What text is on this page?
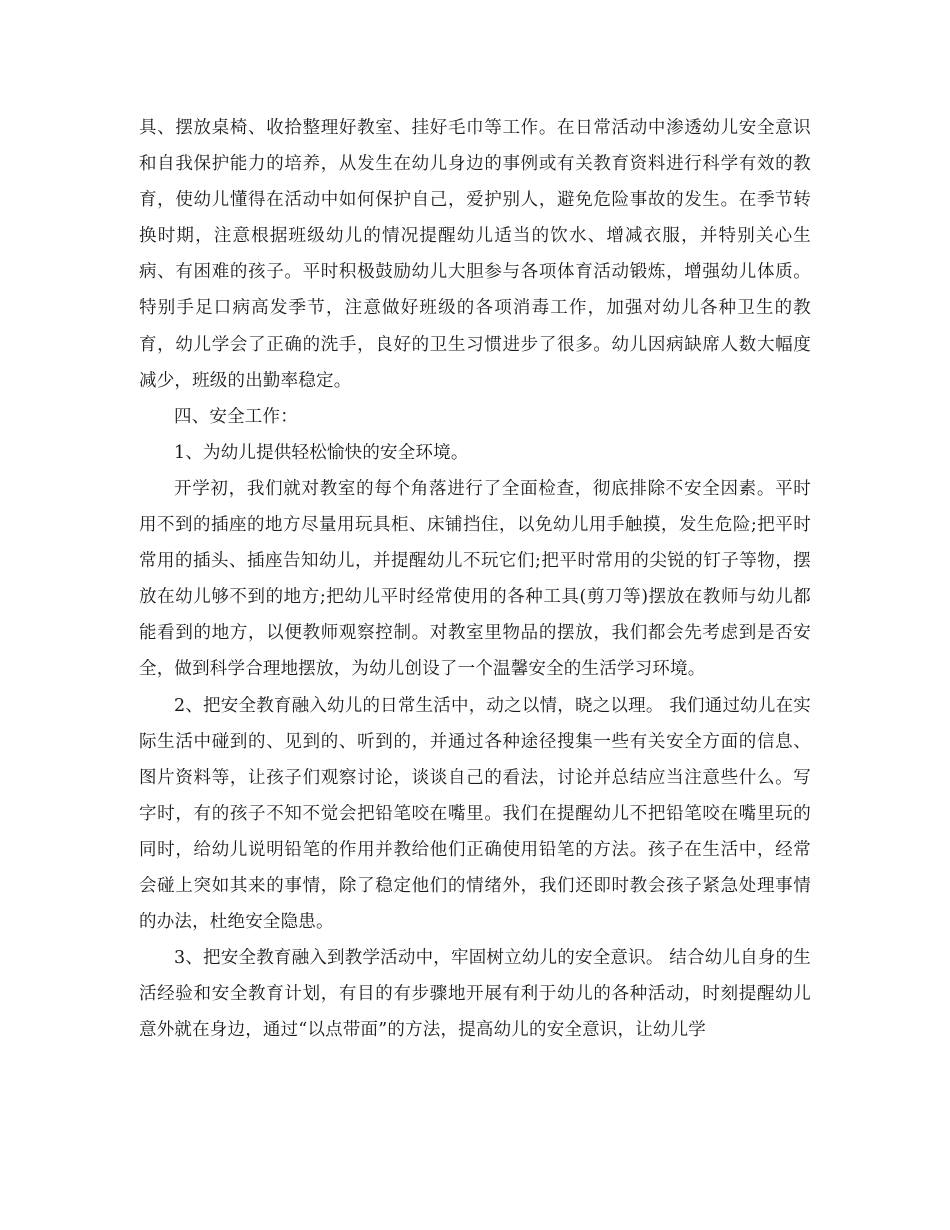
具、摆放桌椅、收拾整理好教室、挂好毛巾等工作。在日常活动中渗透幼儿安全意识和自我保护能力的培养，从发生在幼儿身边的事例或有关教育资料进行科学有效的教育，使幼儿懂得在活动中如何保护自己，爱护别人，避免危险事故的发生。在季节转换时期，注意根据班级幼儿的情况提醒幼儿适当的饮水、增减衣服，并特别关心生病、有困难的孩子。平时积极鼓励幼儿大胆参与各项体育活动锻炼，增强幼儿体质。特别手足口病高发季节，注意做好班级的各项消毒工作，加强对幼儿各种卫生的教育，幼儿学会了正确的洗手，良好的卫生习惯进步了很多。幼儿因病缺席人数大幅度减少，班级的出勤率稳定。

四、安全工作：

1、为幼儿提供轻松愉快的安全环境。

开学初，我们就对教室的每个角落进行了全面检查，彻底排除不安全因素。平时用不到的插座的地方尽量用玩具柜、床铺挡住，以免幼儿用手触摸，发生危险;把平时常用的插头、插座告知幼儿，并提醒幼儿不玩它们;把平时常用的尖锐的钉子等物，摆放在幼儿够不到的地方;把幼儿平时经常使用的各种工具(剪刀等)摆放在教师与幼儿都能看到的地方，以便教师观察控制。对教室里物品的摆放，我们都会先考虑到是否安全，做到科学合理地摆放，为幼儿创设了一个温馨安全的生活学习环境。

2、把安全教育融入幼儿的日常生活中，动之以情，晓之以理。 我们通过幼儿在实际生活中碰到的、见到的、听到的，并通过各种途径搜集一些有关安全方面的信息、图片资料等，让孩子们观察讨论，谈谈自己的看法，讨论并总结应当注意些什么。写字时，有的孩子不知不觉会把铅笔咬在嘴里。我们在提醒幼儿不把铅笔咬在嘴里玩的同时，给幼儿说明铅笔的作用并教给他们正确使用铅笔的方法。孩子在生活中，经常会碰上突如其来的事情，除了稳定他们的情绪外，我们还即时教会孩子紧急处理事情的办法，杜绝安全隐患。

3、把安全教育融入到教学活动中，牢固树立幼儿的安全意识。 结合幼儿自身的生活经验和安全教育计划，有目的有步骤地开展有利于幼儿的各种活动，时刻提醒幼儿意外就在身边，通过“以点带面”的方法，提高幼儿的安全意识，让幼儿学
